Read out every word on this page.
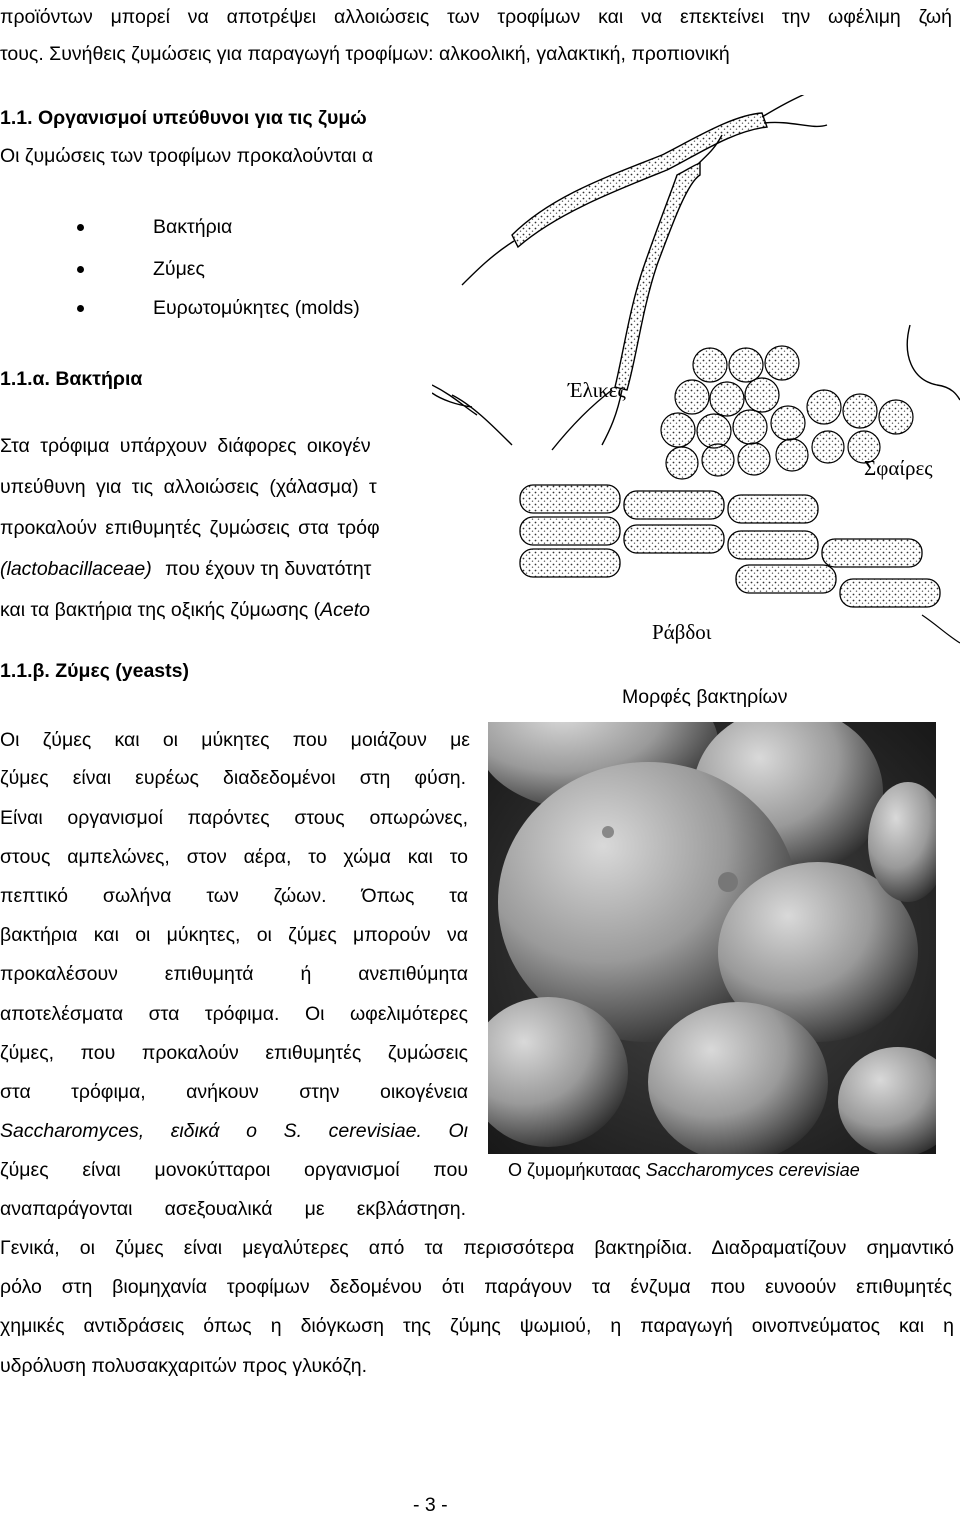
προϊόντων μπορεί να αποτρέψει αλλοιώσεις των τροφίμων και να επεκτείνει την ωφέλιμη ζωή
τους. Συνήθεις ζυμώσεις για παραγωγή τροφίμων: αλκοολική, γαλακτική, προπιονική
1.1. Οργανισμοί υπεύθυνοι για τις ζυμώ
Οι ζυμώσεις των τροφίμων προκαλούνται α
Βακτήρια
Ζύμες
Ευρωτομύκητες (molds)
1.1.α. Βακτήρια
Στα τρόφιμα υπάρχουν διάφορες οικογέν
υπεύθυνη για τις αλλοιώσεις (χάλασμα) τ
προκαλούν επιθυμητές ζυμώσεις στα τρόφ
(lactobacillaceae) που έχουν τη δυνατότητ
και τα βακτήρια της οξικής ζύμωσης (Aceto
1.1.β. Ζύμες (yeasts)
Οι ζύμες και οι μύκητες που μοιάζουν με
ζύμες είναι ευρέως διαδεδομένοι στη φύση.
Είναι οργανισμοί παρόντες στους οπωρώνες,
στους αμπελώνες, στον αέρα, το χώμα και το
πεπτικό σωλήνα των ζώων. Όπως τα
βακτήρια και οι μύκητες, οι ζύμες μπορούν να
προκαλέσουν επιθυμητά ή ανεπιθύμητα
αποτελέσματα στα τρόφιμα. Οι ωφελιμότερες
ζύμες, που προκαλούν επιθυμητές ζυμώσεις
στα τρόφιμα, ανήκουν στην οικογένεια
Saccharomyces, ειδικά ο S. cerevisiae. Οι
ζύμες είναι μονοκύτταροι οργανισμοί που
αναπαράγονται ασεξουαλικά με εκβλάστηση.
Γενικά, οι ζύμες είναι μεγαλύτερες από τα περισσότερα βακτηρίδια. Διαδραματίζουν σημαντικό
ρόλο στη βιομηχανία τροφίμων δεδομένου ότι παράγουν τα ένζυμα που ευνοούν επιθυμητές
χημικές αντιδράσεις όπως η διόγκωση της ζύμης ψωμιού, η παραγωγή οινοπνεύματος και η
υδρόλυση πολυσακχαριτών προς γλυκόζη.
- 3 -
Έλικες
Σφαίρες
Ράβδοι
Μορφές βακτηρίων
Ο ζυμομήκυταας Saccharomyces cerevisiae
